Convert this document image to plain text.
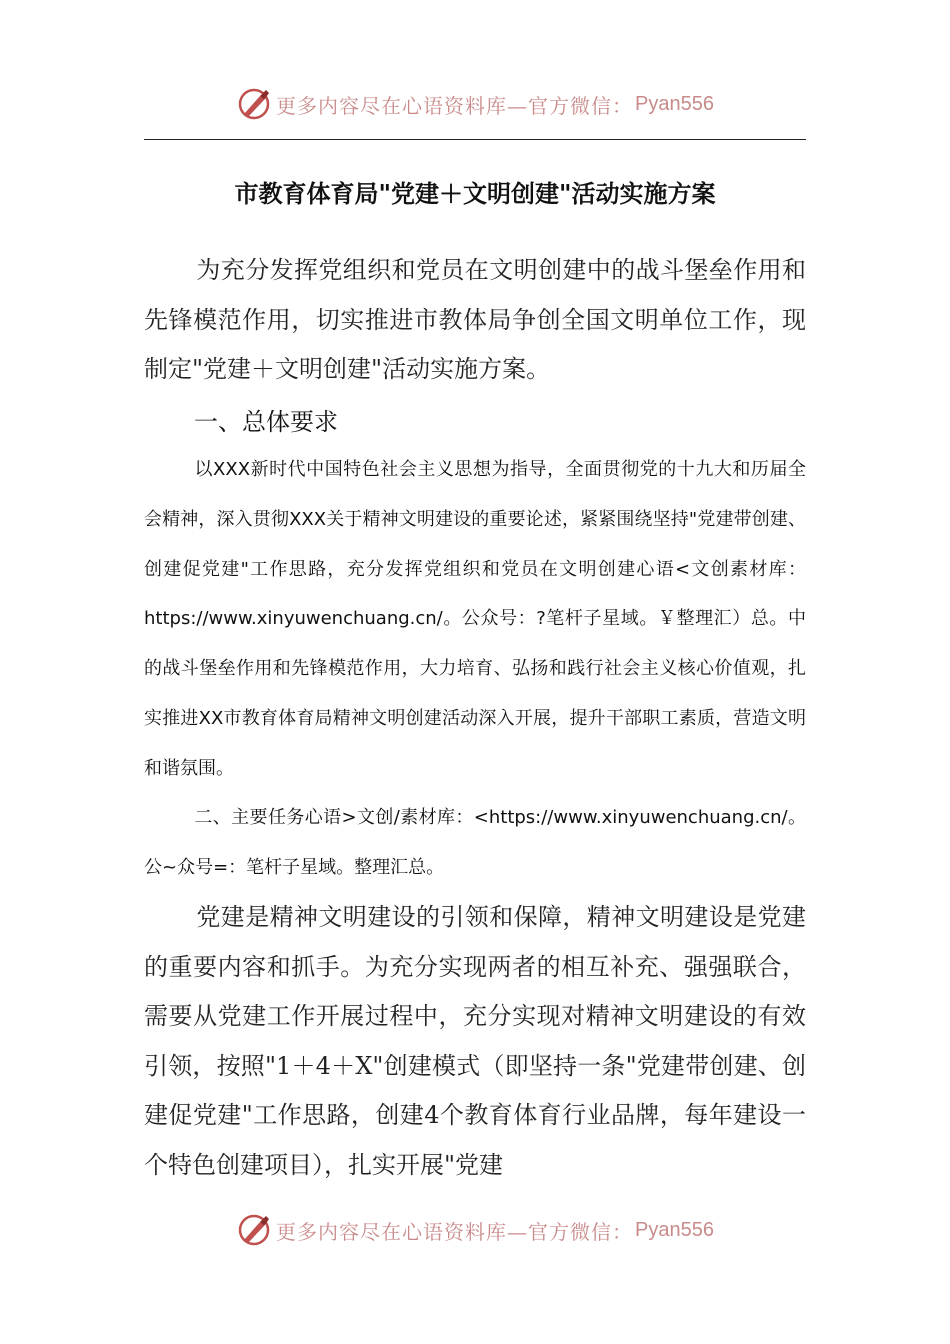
更多内容尽在心语资料库—官方微信： Pyan556
市教育体育局"党建＋文明创建"活动实施方案
为充分发挥党组织和党员在文明创建中的战斗堡垒作用和先锋模范作用，切实推进市教体局争创全国文明单位工作，现制定"党建＋文明创建"活动实施方案。
一、总体要求
以XXX新时代中国特色社会主义思想为指导，全面贯彻党的十九大和历届全会精神，深入贯彻XXX关于精神文明建设的重要论述，紧紧围绕坚持"党建带创建、创建促党建"工作思路，充分发挥党组织和党员在文明创建心语<文创素材库：https://www.xinyuwenchuang.cn/。公众号：?笔杆子星域。￥整理汇）总。中的战斗堡垒作用和先锋模范作用，大力培育、弘扬和践行社会主义核心价值观，扎实推进XX市教育体育局精神文明创建活动深入开展，提升干部职工素质，营造文明和谐氛围。
二、主要任务心语>文创/素材库：<https://www.xinyuwenchuang.cn/。公~众号=：笔杆子星域。整理汇总。
党建是精神文明建设的引领和保障，精神文明建设是党建的重要内容和抓手。为充分实现两者的相互补充、强强联合，需要从党建工作开展过程中，充分实现对精神文明建设的有效引领，按照"1＋4＋X"创建模式（即坚持一条"党建带创建、创建促党建"工作思路，创建4个教育体育行业品牌，每年建设一个特色创建项目），扎实开展"党建
更多内容尽在心语资料库—官方微信： Pyan556
